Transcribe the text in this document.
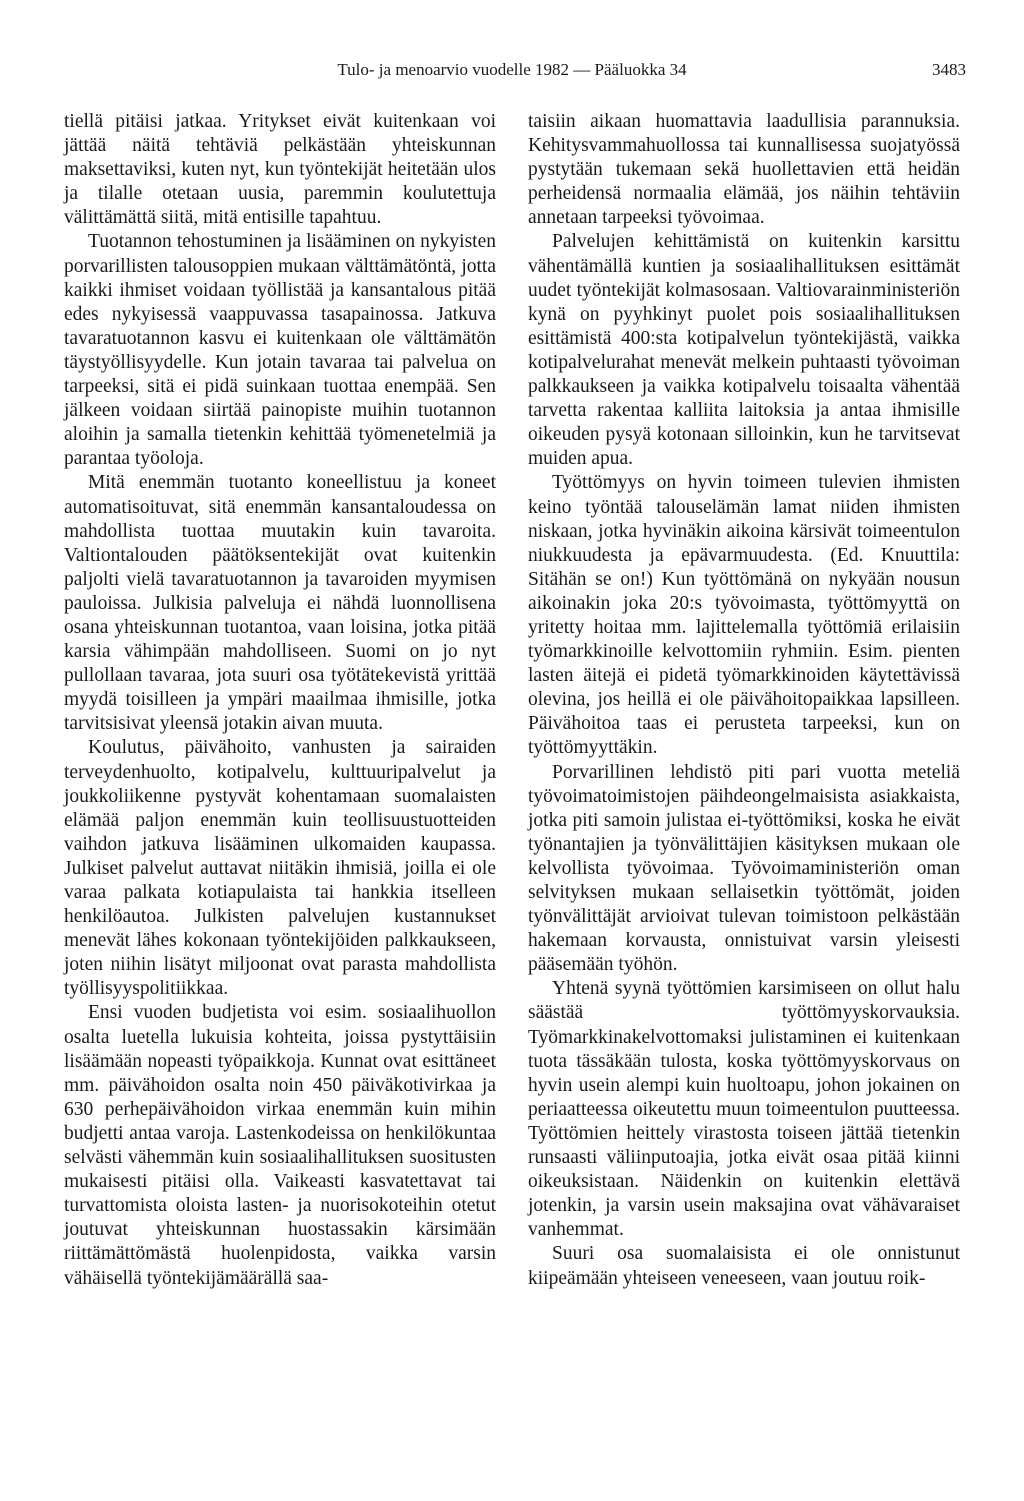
Tulo- ja menoarvio vuodelle 1982 — Pääluokka 34	3483

tiellä pitäisi jatkaa. Yritykset eivät kuitenkaan voi jättää näitä tehtäviä pelkästään yhteiskunnan maksettaviksi, kuten nyt, kun työntekijät heitetään ulos ja tilalle otetaan uusia, paremmin koulutettuja välittämättä siitä, mitä entisille tapahtuu.

Tuotannon tehostuminen ja lisääminen on nykyisten porvarillisten talousoppien mukaan välttämätöntä, jotta kaikki ihmiset voidaan työllistää ja kansantalous pitää edes nykyisessä vaappuvassa tasapainossa. Jatkuva tavaratuotannon kasvu ei kuitenkaan ole välttämätön täystyöllisyydelle. Kun jotain tavaraa tai palvelua on tarpeeksi, sitä ei pidä suinkaan tuottaa enempää. Sen jälkeen voidaan siirtää painopiste muihin tuotannon aloihin ja samalla tietenkin kehittää työmenetelmiä ja parantaa työoloja.

Mitä enemmän tuotanto koneellistuu ja koneet automatisoituvat, sitä enemmän kansantaloudessa on mahdollista tuottaa muutakin kuin tavaroita. Valtiontalouden päätöksentekijät ovat kuitenkin paljolti vielä tavaratuotannon ja tavaroiden myymisen pauloissa. Julkisia palveluja ei nähdä luonnollisena osana yhteiskunnan tuotantoa, vaan loisina, jotka pitää karsia vähimpään mahdolliseen. Suomi on jo nyt pullollaan tavaraa, jota suuri osa työtätekevistä yrittää myydä toisilleen ja ympäri maailmaa ihmisille, jotka tarvitsisivat yleensä jotakin aivan muuta.

Koulutus, päivähoito, vanhusten ja sairaiden terveydenhuolto, kotipalvelu, kulttuuripalvelut ja joukkoliikenne pystyvät kohentamaan suomalaisten elämää paljon enemmän kuin teollisuustuotteiden vaihdon jatkuva lisääminen ulkomaiden kaupassa. Julkiset palvelut auttavat niitäkin ihmisiä, joilla ei ole varaa palkata kotiapulaista tai hankkia itselleen henkilöautoa. Julkisten palvelujen kustannukset menevät lähes kokonaan työntekijöiden palkkaukseen, joten niihin lisätyt miljoonat ovat parasta mahdollista työllisyyspolitiikkaa.

Ensi vuoden budjetista voi esim. sosiaalihuollon osalta luetella lukuisia kohteita, joissa pystyttäisiin lisäämään nopeasti työpaikkoja. Kunnat ovat esittäneet mm. päivähoidon osalta noin 450 päiväkotivirkaa ja 630 perhepäivähoidon virkaa enemmän kuin mihin budjetti antaa varoja. Lastenkodeissa on henkilökuntaa selvästi vähemmän kuin sosiaalihallituksen suositusten mukaisesti pitäisi olla. Vaikeasti kasvatettavat tai turvattomista oloista lasten- ja nuorisokoteihin otetut joutuvat yhteiskunnan huostassakin kärsimään riittämättömästä huolenpidosta, vaikka varsin vähäisellä työntekijämäärällä saa-

taisiin aikaan huomattavia laadullisia parannuksia. Kehitysvammahuollossa tai kunnallisessa suojatyössä pystytään tukemaan sekä huollettavien että heidän perheidensä normaalia elämää, jos näihin tehtäviin annetaan tarpeeksi työvoimaa.

Palvelujen kehittämistä on kuitenkin karsittu vähentämällä kuntien ja sosiaalihallituksen esittämät uudet työntekijät kolmasosaan. Valtiovarainministeriön kynä on pyyhkinyt puolet pois sosiaalihallituksen esittämistä 400:sta kotipalvelun työntekijästä, vaikka kotipalvelurahat menevät melkein puhtaasti työvoiman palkkaukseen ja vaikka kotipalvelu toisaalta vähentää tarvetta rakentaa kalliita laitoksia ja antaa ihmisille oikeuden pysyä kotonaan silloinkin, kun he tarvitsevat muiden apua.

Työttömyys on hyvin toimeen tulevien ihmisten keino työntää talouselämän lamat niiden ihmisten niskaan, jotka hyvinäkin aikoina kärsivät toimeentulon niukkuudesta ja epävarmuudesta. (Ed. Knuuttila: Sitähän se on!) Kun työttömänä on nykyään nousun aikoinakin joka 20:s työvoimasta, työttömyyttä on yritetty hoitaa mm. lajittelemalla työttömiä erilaisiin työmarkkinoille kelvottomiin ryhmiin. Esim. pienten lasten äitejä ei pidetä työmarkkinoiden käytettävissä olevina, jos heillä ei ole päivähoitopaikkaa lapsilleen. Päivähoitoa taas ei perusteta tarpeeksi, kun on työttömyyttäkin.

Porvarillinen lehdistö piti pari vuotta meteliä työvoimatoimistojen päihdeongelmaisista asiakkaista, jotka piti samoin julistaa ei-työttömiksi, koska he eivät työnantajien ja työnvälittäjien käsityksen mukaan ole kelvollista työvoimaa. Työvoimaministeriön oman selvityksen mukaan sellaisetkin työttömät, joiden työnvälittäjät arvioivat tulevan toimistoon pelkästään hakemaan korvausta, onnistuivat varsin yleisesti pääsemään työhön.

Yhtenä syynä työttömien karsimiseen on ollut halu säästää työttömyyskorvauksia. Työmarkkinakelvottomaksi julistaminen ei kuitenkaan tuota tässäkään tulosta, koska työttömyyskorvaus on hyvin usein alempi kuin huoltoapu, johon jokainen on periaatteessa oikeutettu muun toimeentulon puutteessa. Työttömien heittely virastosta toiseen jättää tietenkin runsaasti väliinputoajia, jotka eivät osaa pitää kiinni oikeuksistaan. Näidenkin on kuitenkin elettävä jotenkin, ja varsin usein maksajina ovat vähävaraiset vanhemmat.

Suuri osa suomalaisista ei ole onnistunut kiipeämään yhteiseen veneeseen, vaan joutuu roik-
